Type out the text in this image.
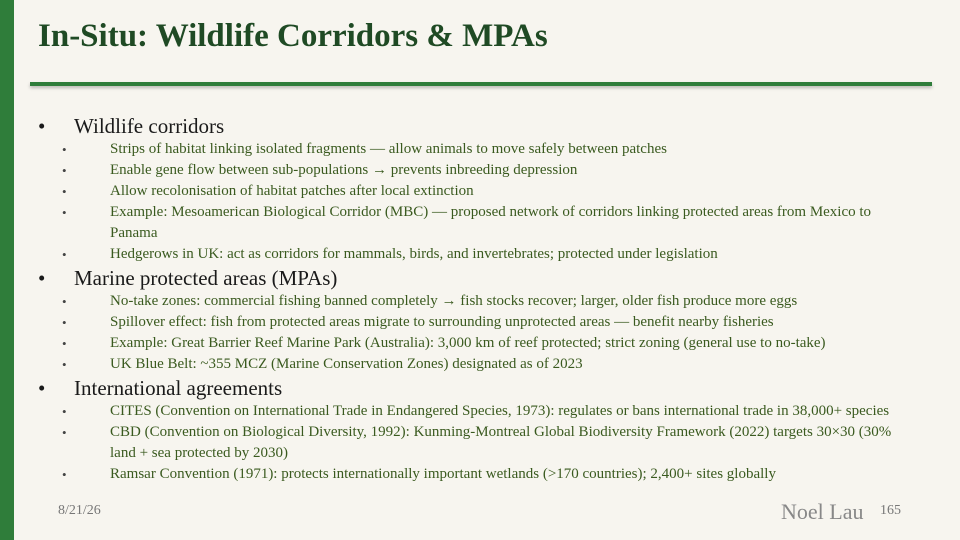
In-Situ: Wildlife Corridors & MPAs
• Wildlife corridors
•	Strips of habitat linking isolated fragments — allow animals to move safely between patches
•	Enable gene flow between sub-populations → prevents inbreeding depression
•	Allow recolonisation of habitat patches after local extinction
•	Example: Mesoamerican Biological Corridor (MBC) — proposed network of corridors linking protected areas from Mexico to Panama
•	Hedgerows in UK: act as corridors for mammals, birds, and invertebrates; protected under legislation
• Marine protected areas (MPAs)
•	No-take zones: commercial fishing banned completely → fish stocks recover; larger, older fish produce more eggs
•	Spillover effect: fish from protected areas migrate to surrounding unprotected areas — benefit nearby fisheries
•	Example: Great Barrier Reef Marine Park (Australia): 3,000 km of reef protected; strict zoning (general use to no-take)
•	UK Blue Belt: ~355 MCZ (Marine Conservation Zones) designated as of 2023
• International agreements
•	CITES (Convention on International Trade in Endangered Species, 1973): regulates or bans international trade in 38,000+ species
•	CBD (Convention on Biological Diversity, 1992): Kunming-Montreal Global Biodiversity Framework (2022) targets 30×30 (30% land + sea protected by 2030)
•	Ramsar Convention (1971): protects internationally important wetlands (>170 countries); 2,400+ sites globally
8/21/26	Noel Lau 165
